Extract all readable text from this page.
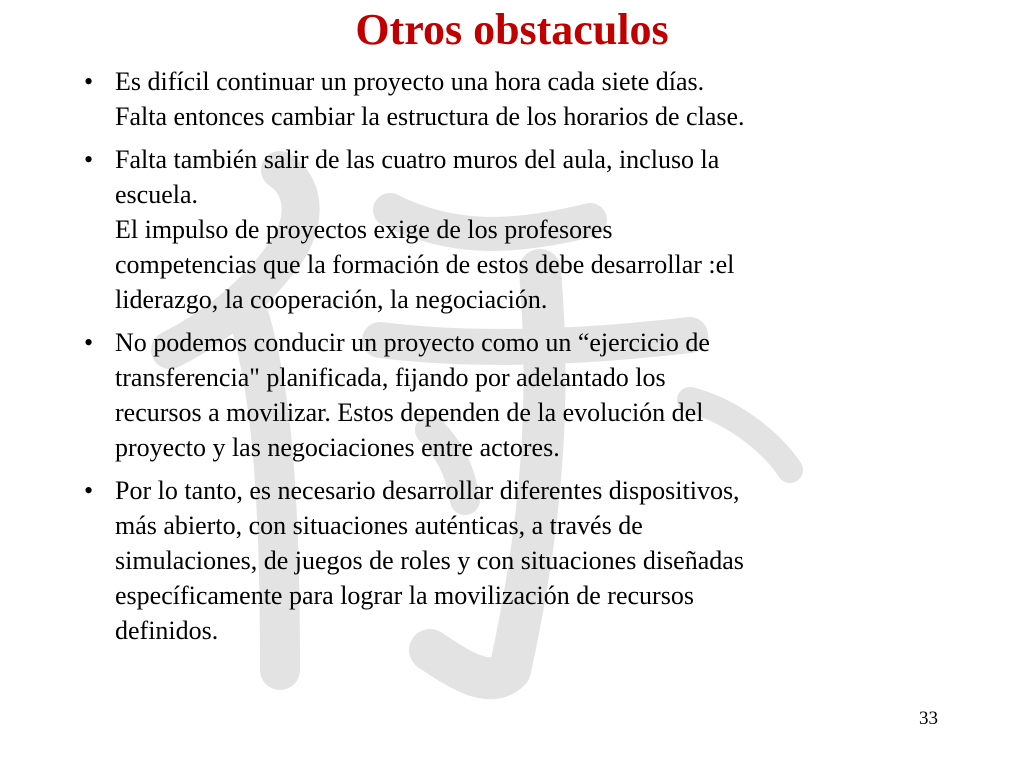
Otros obstaculos
• Es difícil continuar un proyecto una hora cada siete días.
Falta entonces cambiar la estructura de los horarios de clase.
• Falta también salir de las cuatro muros del aula, incluso la
escuela.
El impulso de proyectos exige de los profesores
competencias que la formación de estos debe desarrollar :el
liderazgo, la cooperación, la negociación.
• No podemos conducir un proyecto como un “ejercicio de
transferencia" planificada, fijando por adelantado los
recursos a movilizar. Estos dependen de la evolución del
proyecto y las negociaciones entre actores.
• Por lo tanto, es necesario desarrollar diferentes dispositivos,
más abierto, con situaciones auténticas, a través de
simulaciones, de juegos de roles y con situaciones diseñadas
específicamente para lograr la movilización de recursos
definidos.
33
